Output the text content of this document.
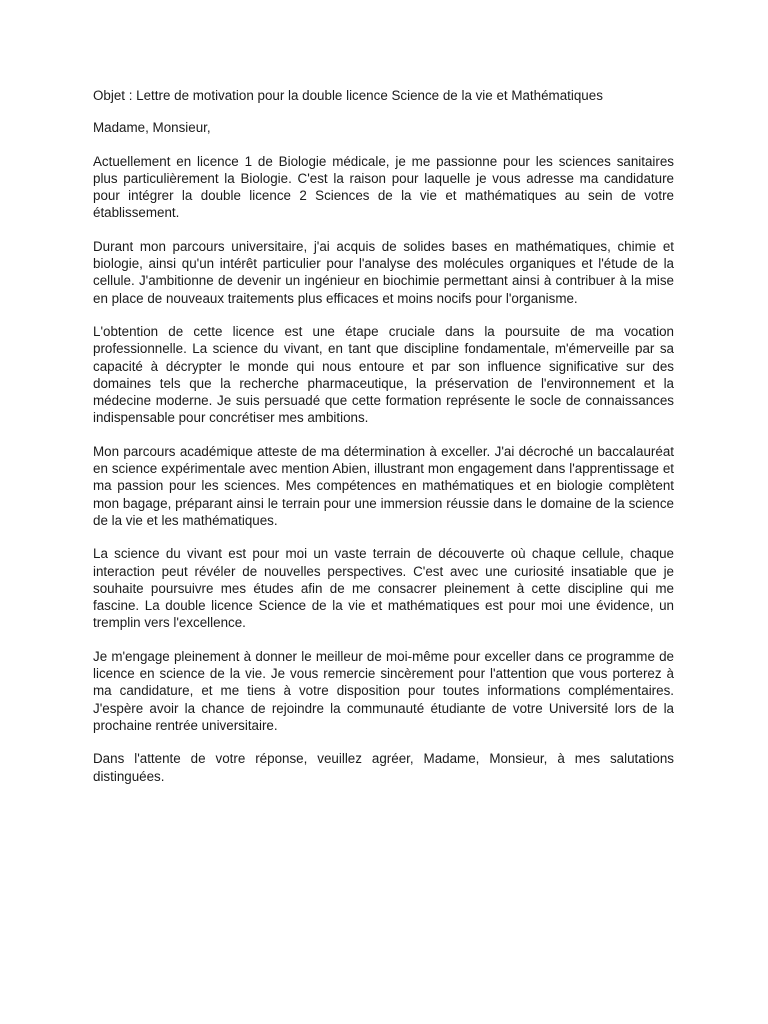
Objet : Lettre de motivation pour la double licence Science de la vie et Mathématiques

Madame, Monsieur,

Actuellement en licence 1 de Biologie médicale, je me passionne pour les sciences sanitaires plus particulièrement la Biologie. C'est la raison pour laquelle je vous adresse ma candidature pour intégrer la double licence 2 Sciences de la vie et mathématiques au sein de votre établissement.

Durant mon parcours universitaire, j'ai acquis de solides bases en mathématiques, chimie et biologie, ainsi qu'un intérêt particulier pour l'analyse des molécules organiques et l'étude de la cellule. J'ambitionne de devenir un ingénieur en biochimie permettant ainsi à contribuer à la mise en place de nouveaux traitements plus efficaces et moins nocifs pour l'organisme.

L'obtention de cette licence est une étape cruciale dans la poursuite de ma vocation professionnelle. La science du vivant, en tant que discipline fondamentale, m'émerveille par sa capacité à décrypter le monde qui nous entoure et par son influence significative sur des domaines tels que la recherche pharmaceutique, la préservation de l'environnement et la médecine moderne. Je suis persuadé que cette formation représente le socle de connaissances indispensable pour concrétiser mes ambitions.

Mon parcours académique atteste de ma détermination à exceller. J'ai décroché un baccalauréat en science expérimentale avec mention Abien, illustrant mon engagement dans l'apprentissage et ma passion pour les sciences. Mes compétences en mathématiques et en biologie complètent mon bagage, préparant ainsi le terrain pour une immersion réussie dans le domaine de la science de la vie et les mathématiques.

La science du vivant est pour moi un vaste terrain de découverte où chaque cellule, chaque interaction peut révéler de nouvelles perspectives. C'est avec une curiosité insatiable que je souhaite poursuivre mes études afin de me consacrer pleinement à cette discipline qui me fascine. La double licence Science de la vie et mathématiques est pour moi une évidence, un tremplin vers l'excellence.

Je m'engage pleinement à donner le meilleur de moi-même pour exceller dans ce programme de licence en science de la vie. Je vous remercie sincèrement pour l'attention que vous porterez à ma candidature, et me tiens à votre disposition pour toutes informations complémentaires. J'espère avoir la chance de rejoindre la communauté étudiante de votre Université lors de la prochaine rentrée universitaire.

Dans l'attente de votre réponse, veuillez agréer, Madame, Monsieur, à mes salutations distinguées.
